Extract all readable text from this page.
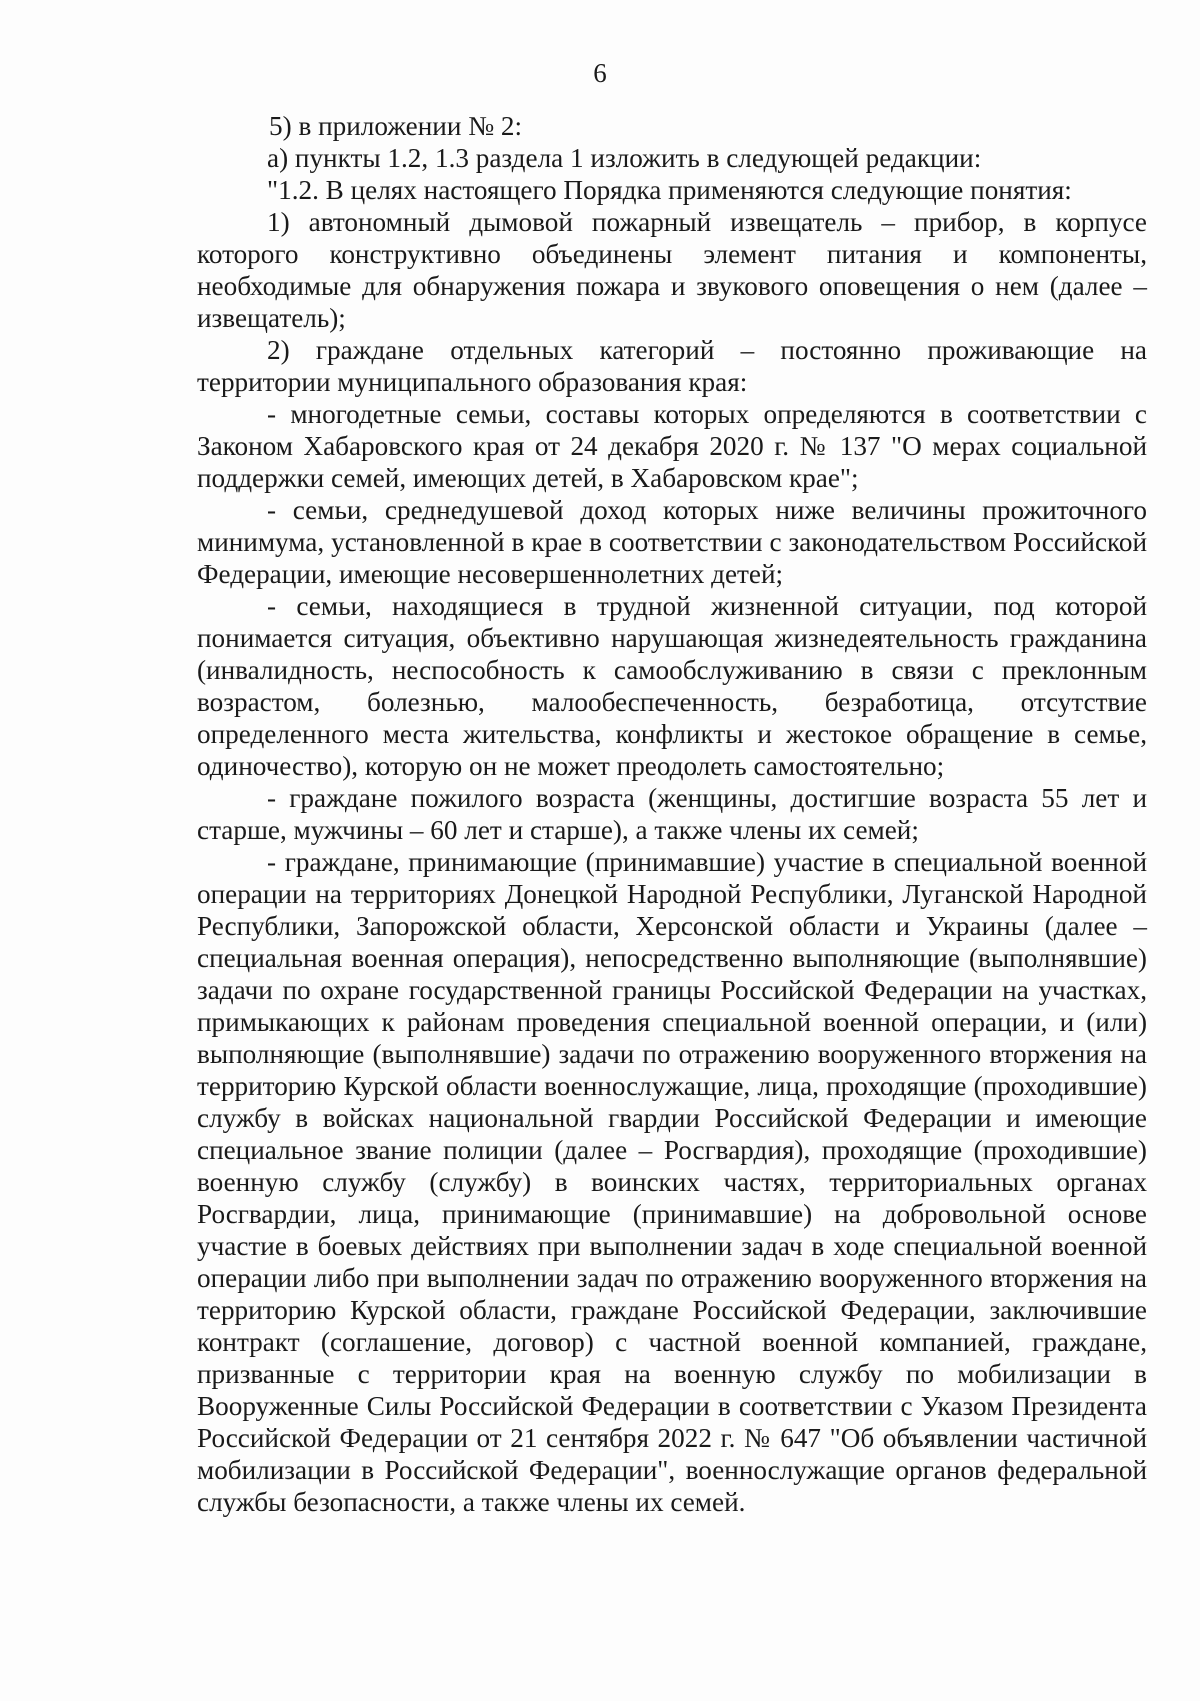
6

5) в приложении № 2:

а) пункты 1.2, 1.3 раздела 1 изложить в следующей редакции:

"1.2. В целях настоящего Порядка применяются следующие понятия:

1) автономный дымовой пожарный извещатель – прибор, в корпусе которого конструктивно объединены элемент питания и компоненты, необходимые для обнаружения пожара и звукового оповещения о нем (далее – извещатель);

2) граждане отдельных категорий – постоянно проживающие на территории муниципального образования края:

- многодетные семьи, составы которых определяются в соответствии с Законом Хабаровского края от 24 декабря 2020 г. № 137 "О мерах социальной поддержки семей, имеющих детей, в Хабаровском крае";

- семьи, среднедушевой доход которых ниже величины прожиточного минимума, установленной в крае в соответствии с законодательством Российской Федерации, имеющие несовершеннолетних детей;

- семьи, находящиеся в трудной жизненной ситуации, под которой понимается ситуация, объективно нарушающая жизнедеятельность гражданина (инвалидность, неспособность к самообслуживанию в связи с преклонным возрастом, болезнью, малообеспеченность, безработица, отсутствие определенного места жительства, конфликты и жестокое обращение в семье, одиночество), которую он не может преодолеть самостоятельно;

- граждане пожилого возраста (женщины, достигшие возраста 55 лет и старше, мужчины – 60 лет и старше), а также члены их семей;

- граждане, принимающие (принимавшие) участие в специальной военной операции на территориях Донецкой Народной Республики, Луганской Народной Республики, Запорожской области, Херсонской области и Украины (далее – специальная военная операция), непосредственно выполняющие (выполнявшие) задачи по охране государственной границы Российской Федерации на участках, примыкающих к районам проведения специальной военной операции, и (или) выполняющие (выполнявшие) задачи по отражению вооруженного вторжения на территорию Курской области военнослужащие, лица, проходящие (проходившие) службу в войсках национальной гвардии Российской Федерации и имеющие специальное звание полиции (далее – Росгвардия), проходящие (проходившие) военную службу (службу) в воинских частях, территориальных органах Росгвардии, лица, принимающие (принимавшие) на добровольной основе участие в боевых действиях при выполнении задач в ходе специальной военной операции либо при выполнении задач по отражению вооруженного вторжения на территорию Курской области, граждане Российской Федерации, заключившие контракт (соглашение, договор) с частной военной компанией, граждане, призванные с территории края на военную службу по мобилизации в Вооруженные Силы Российской Федерации в соответствии с Указом Президента Российской Федерации от 21 сентября 2022 г. № 647 "Об объявлении частичной мобилизации в Российской Федерации", военнослужащие органов федеральной службы безопасности, а также члены их семей.
